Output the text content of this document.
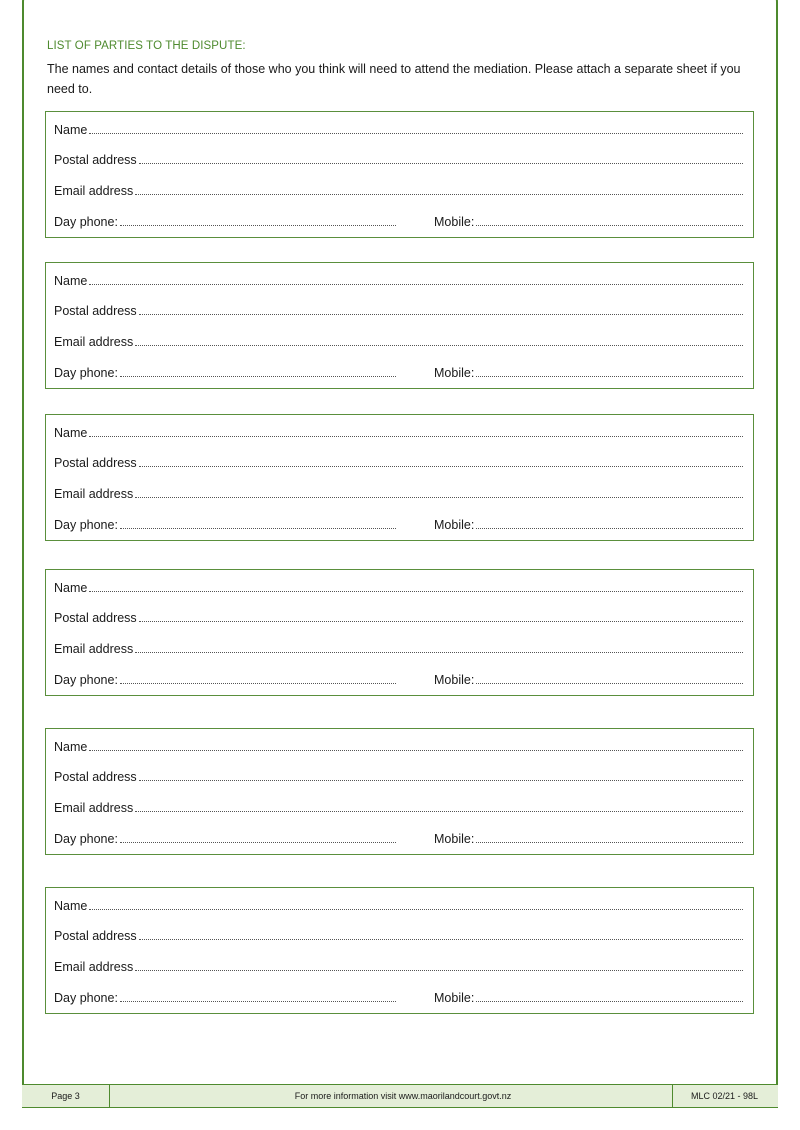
LIST OF PARTIES TO THE DISPUTE:
The names and contact details of those who you think will need to attend the mediation. Please attach a separate sheet if you need to.
Name
Postal address
Email address
Day phone:	Mobile:
Name
Postal address
Email address
Day phone:	Mobile:
Name
Postal address
Email address
Day phone:	Mobile:
Name
Postal address
Email address
Day phone:	Mobile:
Name
Postal address
Email address
Day phone:	Mobile:
Name
Postal address
Email address
Day phone:	Mobile:
Page 3	For more information visit www.maorilandcourt.govt.nz	MLC 02/21 - 98L
